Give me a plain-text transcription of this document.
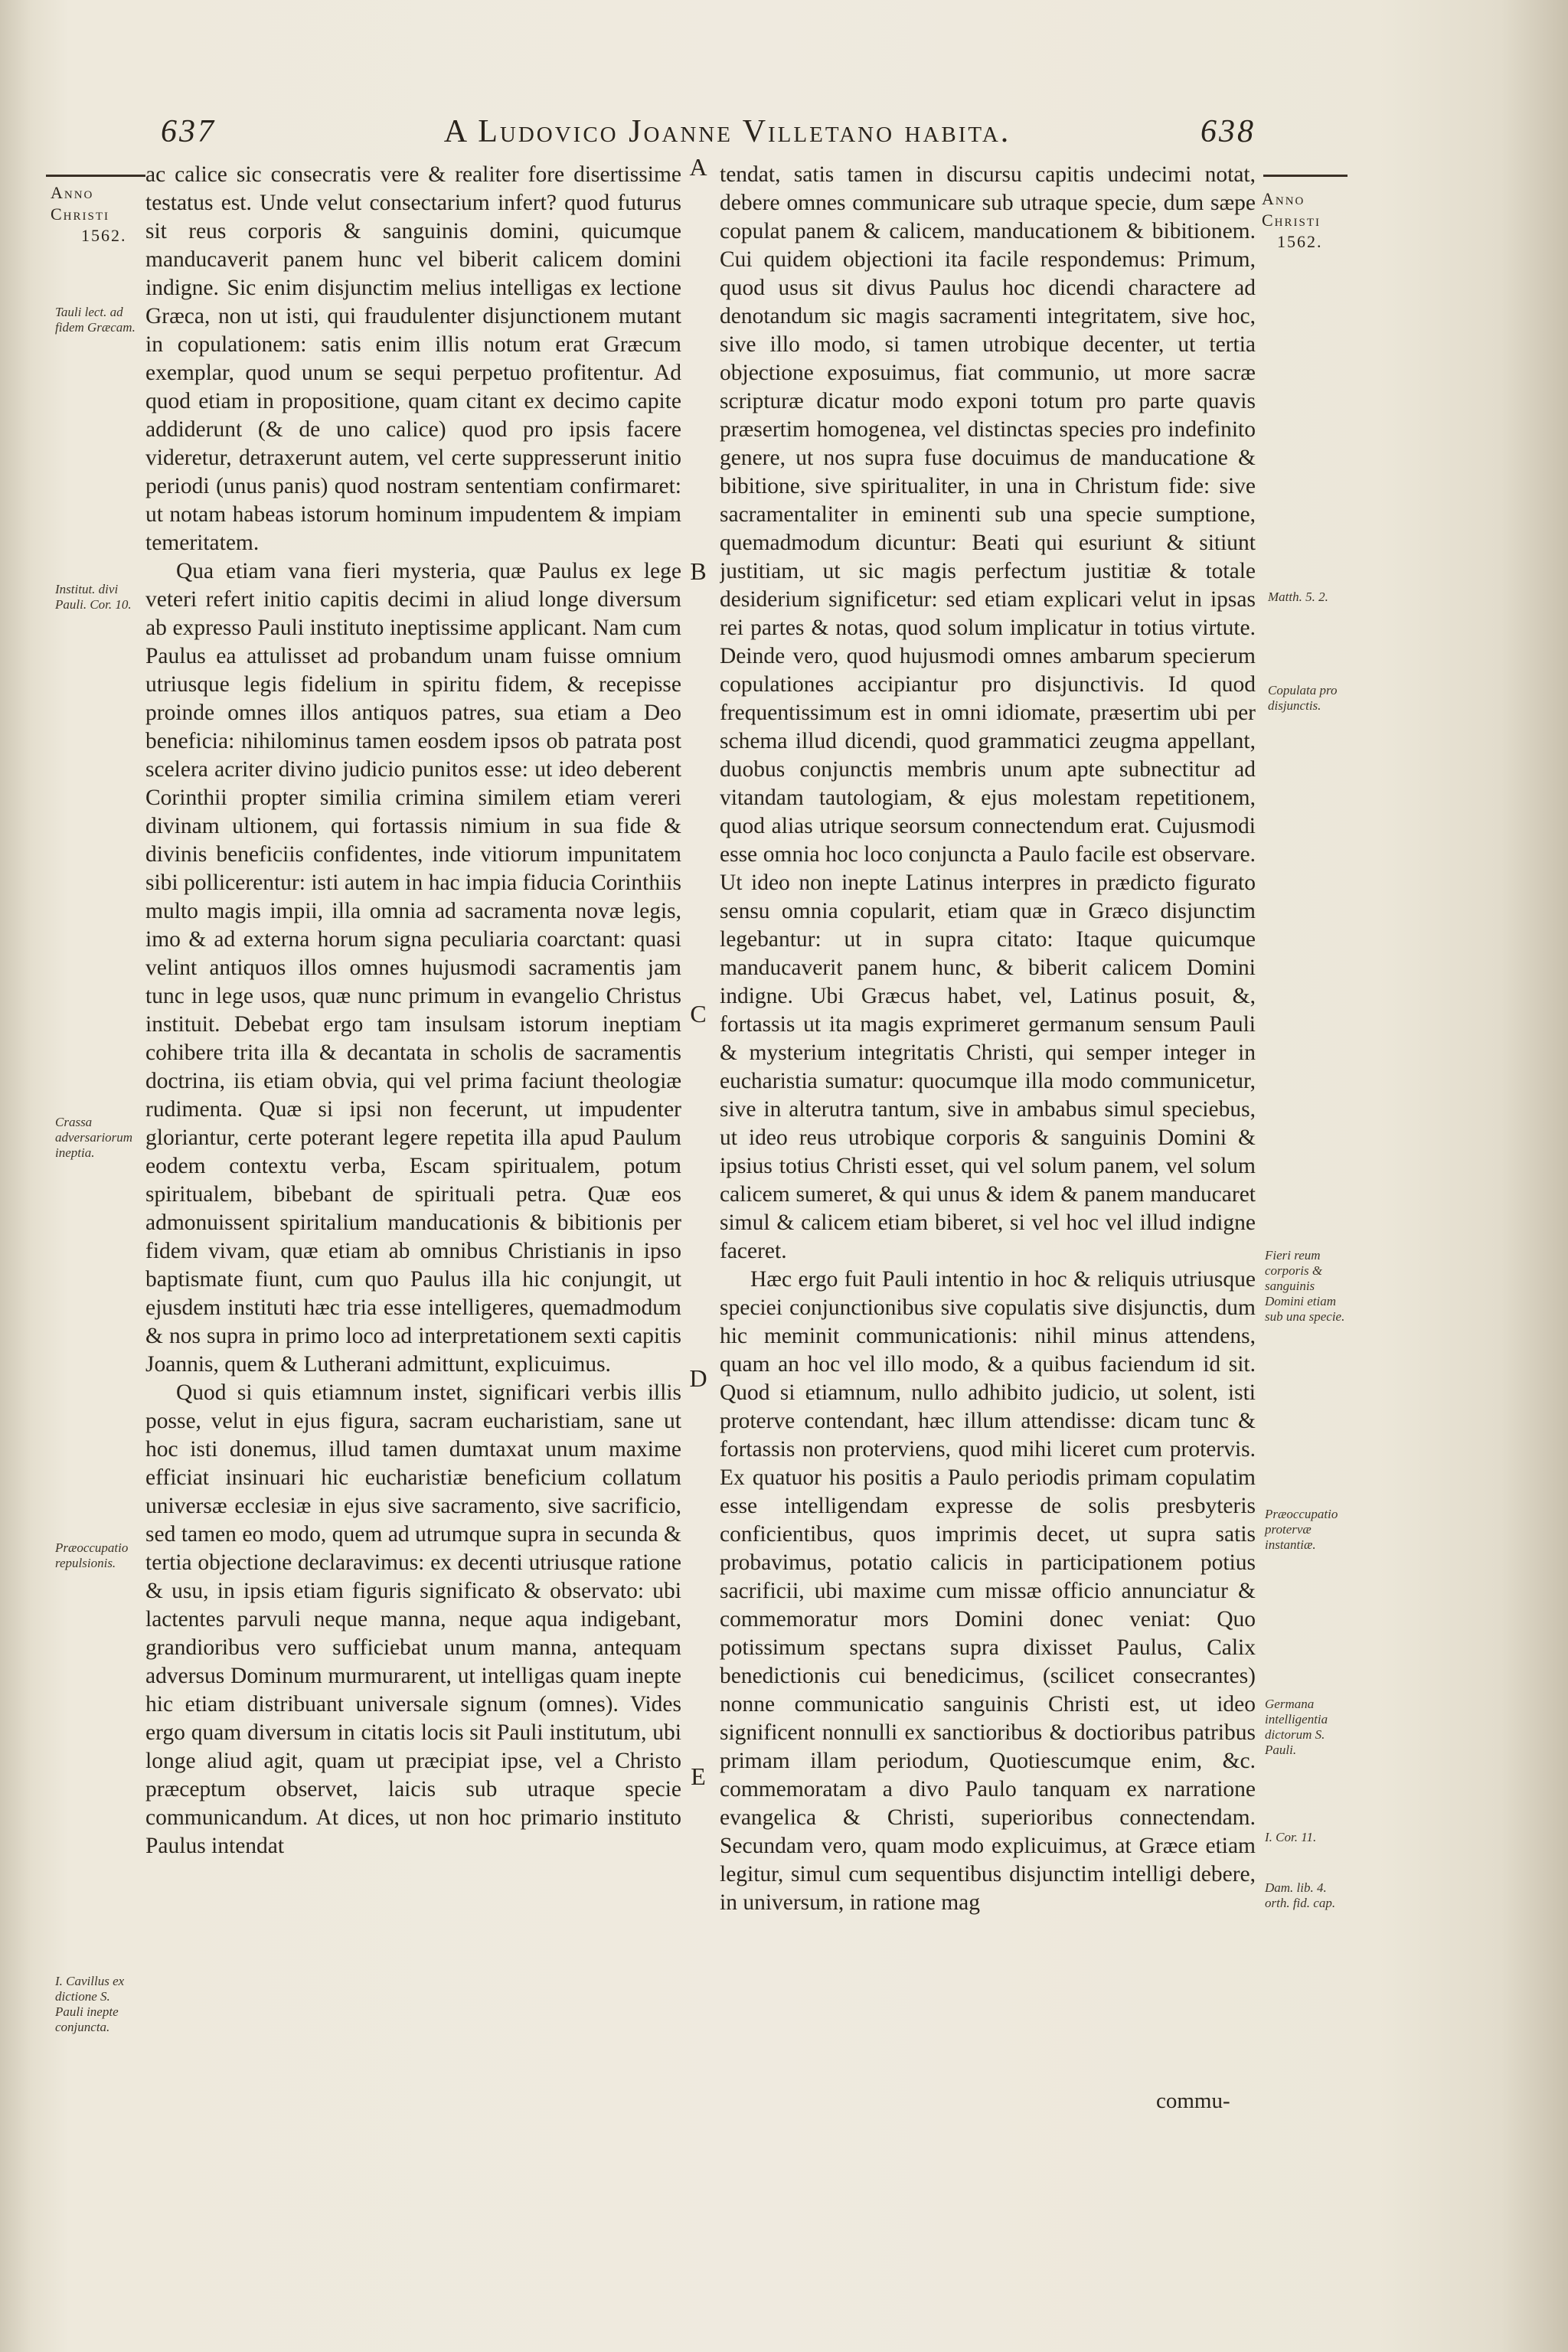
637	A Ludovico Joanne Villetano habita.	638
Anno
Christi
1562.
Anno
Christi
1562.
Tauli lect. ad fidem Græcam.
Institut. divi Pauli. Cor. 10.
Crassa adversariorum ineptia.
Præoccupatio repulsionis.
I. Cavillus ex dictione S. Pauli inepte conjuncta.
Matth. 5. 2.
Copulata pro disjunctis.
Fieri reum corporis & sanguinis Domini etiam sub una specie.
Præoccupatio protervæ instantiæ.
Germana intelligentia dictorum S. Pauli.
I. Cor. 11.
Dam. lib. 4. orth. fid. cap.
A
B
C
D
E

ac calice sic consecratis vere & realiter fore disertissime testatus est. Unde velut consectarium infert? quod futurus sit reus corporis & sanguinis domini, quicumque manducaverit panem hunc vel biberit calicem domini indigne. Sic enim disjunctim melius intelligas ex lectione Græca, non ut isti, qui fraudulenter disjunctionem mutant in copulationem: satis enim illis notum erat Græcum exemplar, quod unum se sequi perpetuo profitentur. Ad quod etiam in propositione, quam citant ex decimo capite addiderunt (& de uno calice) quod pro ipsis facere videretur, detraxerunt autem, vel certe suppresserunt initio periodi (unus panis) quod nostram sententiam confirmaret: ut notam habeas istorum hominum impudentem & impiam temeritatem.

Qua etiam vana fieri mysteria, quæ Paulus ex lege veteri refert initio capitis decimi in aliud longe diversum ab expresso Pauli instituto ineptissime applicant. Nam cum Paulus ea attulisset ad probandum unam fuisse omnium utriusque legis fidelium in spiritu fidem, & recepisse proinde omnes illos antiquos patres, sua etiam a Deo beneficia: nihilominus tamen eosdem ipsos ob patrata post scelera acriter divino judicio punitos esse: ut ideo deberent Corinthii propter similia crimina similem etiam vereri divinam ultionem, qui fortassis nimium in sua fide & divinis beneficiis confidentes, inde vitiorum impunitatem sibi pollicerentur: isti autem in hac impia fiducia Corinthiis multo magis impii, illa omnia ad sacramenta novæ legis, imo & ad externa horum signa peculiaria coarctant: quasi velint antiquos illos omnes hujusmodi sacramentis jam tunc in lege usos, quæ nunc primum in evangelio Christus instituit. Debebat ergo tam insulsam istorum ineptiam cohibere trita illa & decantata in scholis de sacramentis doctrina, iis etiam obvia, qui vel prima faciunt theologiæ rudimenta. Quæ si ipsi non fecerunt, ut impudenter gloriantur, certe poterant legere repetita illa apud Paulum eodem contextu verba, Escam spiritualem, potum spiritualem, bibebant de spirituali petra. Quæ eos admonuissent spiritalium manducationis & bibitionis per fidem vivam, quæ etiam ab omnibus Christianis in ipso baptismate fiunt, cum quo Paulus illa hic conjungit, ut ejusdem instituti hæc tria esse intelligeres, quemadmodum & nos supra in primo loco ad interpretationem sexti capitis Joannis, quem & Lutherani admittunt, explicuimus.

Quod si quis etiamnum instet, significari verbis illis posse, velut in ejus figura, sacram eucharistiam, sane ut hoc isti donemus, illud tamen dumtaxat unum maxime efficiat insinuari hic eucharistiæ beneficium collatum universæ ecclesiæ in ejus sive sacramento, sive sacrificio, sed tamen eo modo, quem ad utrumque supra in secunda & tertia objectione declaravimus: ex decenti utriusque ratione & usu, in ipsis etiam figuris significato & observato: ubi lactentes parvuli neque manna, neque aqua indigebant, grandioribus vero sufficiebat unum manna, antequam adversus Dominum murmurarent, ut intelligas quam inepte hic etiam distribuant universale signum (omnes). Vides ergo quam diversum in citatis locis sit Pauli institutum, ubi longe aliud agit, quam ut præcipiat ipse, vel a Christo præceptum observet, laicis sub utraque specie communicandum. At dices, ut non hoc primario instituto Paulus intendat

tendat, satis tamen in discursu capitis undecimi notat, debere omnes communicare sub utraque specie, dum sæpe copulat panem & calicem, manducationem & bibitionem. Cui quidem objectioni ita facile respondemus: Primum, quod usus sit divus Paulus hoc dicendi charactere ad denotandum sic magis sacramenti integritatem, sive hoc, sive illo modo, si tamen utrobique decenter, ut tertia objectione exposuimus, fiat communio, ut more sacræ scripturæ dicatur modo exponi totum pro parte quavis præsertim homogenea, vel distinctas species pro indefinito genere, ut nos supra fuse docuimus de manducatione & bibitione, sive spiritualiter, in una in Christum fide: sive sacramentaliter in eminenti sub una specie sumptione, quemadmodum dicuntur: Beati qui esuriunt & sitiunt justitiam, ut sic magis perfectum justitiæ & totale desiderium significetur: sed etiam explicari velut in ipsas rei partes & notas, quod solum implicatur in totius virtute. Deinde vero, quod hujusmodi omnes ambarum specierum copulationes accipiantur pro disjunctivis. Id quod frequentissimum est in omni idiomate, præsertim ubi per schema illud dicendi, quod grammatici zeugma appellant, duobus conjunctis membris unum apte subnectitur ad vitandam tautologiam, & ejus molestam repetitionem, quod alias utrique seorsum connectendum erat. Cujusmodi esse omnia hoc loco conjuncta a Paulo facile est observare. Ut ideo non inepte Latinus interpres in prædicto figurato sensu omnia copularit, etiam quæ in Græco disjunctim legebantur: ut in supra citato: Itaque quicumque manducaverit panem hunc, & biberit calicem Domini indigne. Ubi Græcus habet, vel, Latinus posuit, &, fortassis ut ita magis exprimeret germanum sensum Pauli & mysterium integritatis Christi, qui semper integer in eucharistia sumatur: quocumque illa modo communicetur, sive in alterutra tantum, sive in ambabus simul speciebus, ut ideo reus utrobique corporis & sanguinis Domini & ipsius totius Christi esset, qui vel solum panem, vel solum calicem sumeret, & qui unus & idem & panem manducaret simul & calicem etiam biberet, si vel hoc vel illud indigne faceret.

Hæc ergo fuit Pauli intentio in hoc & reliquis utriusque speciei conjunctionibus sive copulatis sive disjunctis, dum hic meminit communicationis: nihil minus attendens, quam an hoc vel illo modo, & a quibus faciendum id sit. Quod si etiamnum, nullo adhibito judicio, ut solent, isti proterve contendant, hæc illum attendisse: dicam tunc & fortassis non proterviens, quod mihi liceret cum protervis. Ex quatuor his positis a Paulo periodis primam copulatim esse intelligendam expresse de solis presbyteris conficientibus, quos imprimis decet, ut supra satis probavimus, potatio calicis in participationem potius sacrificii, ubi maxime cum missæ officio annunciatur & commemoratur mors Domini donec veniat: Quo potissimum spectans supra dixisset Paulus, Calix benedictionis cui benedicimus, (scilicet consecrantes) nonne communicatio sanguinis Christi est, ut ideo significent nonnulli ex sanctioribus & doctioribus patribus primam illam periodum, Quotiescumque enim, &c. commemoratam a divo Paulo tanquam ex narratione evangelica & Christi, superioribus connectendam. Secundam vero, quam modo explicuimus, at Græce etiam legitur, simul cum sequentibus disjunctim intelligi debere, in universum, in ratione mag

commu-
